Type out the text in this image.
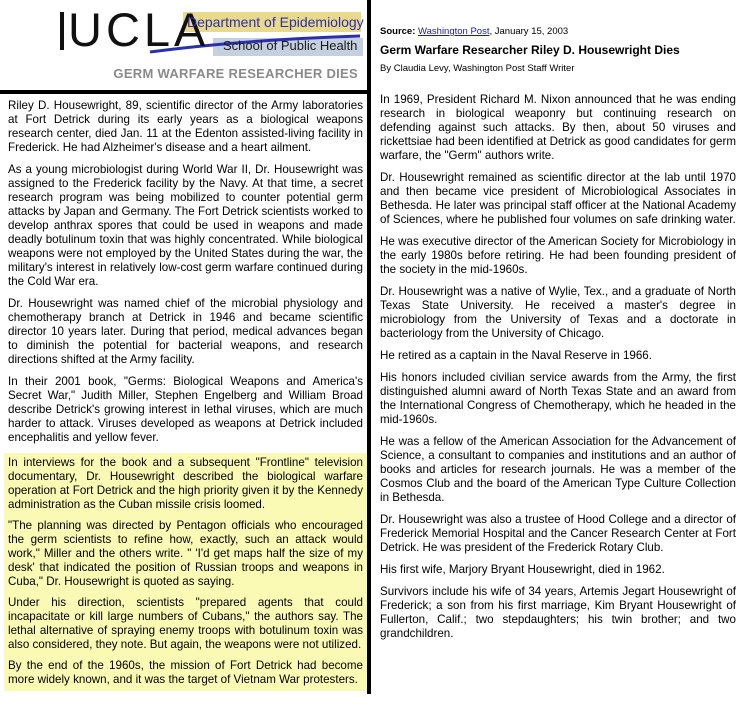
UCLA
Department of Epidemiology
School of Public Health
GERM WARFARE RESEARCHER DIES

Riley D. Housewright, 89, scientific director of the Army laboratories at Fort Detrick during its early years as a biological weapons research center, died Jan. 11 at the Edenton assisted-living facility in Frederick. He had Alzheimer's disease and a heart ailment.

As a young microbiologist during World War II, Dr. Housewright was assigned to the Frederick facility by the Navy. At that time, a secret research program was being mobilized to counter potential germ attacks by Japan and Germany. The Fort Detrick scientists worked to develop anthrax spores that could be used in weapons and made deadly botulinum toxin that was highly concentrated. While biological weapons were not employed by the United States during the war, the military's interest in relatively low-cost germ warfare continued during the Cold War era.

Dr. Housewright was named chief of the microbial physiology and chemotherapy branch at Detrick in 1946 and became scientific director 10 years later. During that period, medical advances began to diminish the potential for bacterial weapons, and research directions shifted at the Army facility.

In their 2001 book, "Germs: Biological Weapons and America's Secret War," Judith Miller, Stephen Engelberg and William Broad describe Detrick's growing interest in lethal viruses, which are much harder to attack. Viruses developed as weapons at Detrick included encephalitis and yellow fever.

In interviews for the book and a subsequent "Frontline" television documentary, Dr. Housewright described the biological warfare operation at Fort Detrick and the high priority given it by the Kennedy administration as the Cuban missile crisis loomed.

"The planning was directed by Pentagon officials who encouraged the germ scientists to refine how, exactly, such an attack would work," Miller and the others write. " 'I'd get maps half the size of my desk' that indicated the position of Russian troops and weapons in Cuba," Dr. Housewright is quoted as saying.

Under his direction, scientists "prepared agents that could incapacitate or kill large numbers of Cubans," the authors say. The lethal alternative of spraying enemy troops with botulinum toxin was also considered, they note. But again, the weapons were not utilized.

By the end of the 1960s, the mission of Fort Detrick had become more widely known, and it was the target of Vietnam War protesters.

Source: Washington Post, January 15, 2003
Germ Warfare Researcher Riley D. Housewright Dies
By Claudia Levy, Washington Post Staff Writer

In 1969, President Richard M. Nixon announced that he was ending research in biological weaponry but continuing research on defending against such attacks. By then, about 50 viruses and rickettsiae had been identified at Detrick as good candidates for germ warfare, the "Germ" authors write.

Dr. Housewright remained as scientific director at the lab until 1970 and then became vice president of Microbiological Associates in Bethesda. He later was principal staff officer at the National Academy of Sciences, where he published four volumes on safe drinking water.

He was executive director of the American Society for Microbiology in the early 1980s before retiring. He had been founding president of the society in the mid-1960s.

Dr. Housewright was a native of Wylie, Tex., and a graduate of North Texas State University. He received a master's degree in microbiology from the University of Texas and a doctorate in bacteriology from the University of Chicago.

He retired as a captain in the Naval Reserve in 1966.

His honors included civilian service awards from the Army, the first distinguished alumni award of North Texas State and an award from the International Congress of Chemotherapy, which he headed in the mid-1960s.

He was a fellow of the American Association for the Advancement of Science, a consultant to companies and institutions and an author of books and articles for research journals. He was a member of the Cosmos Club and the board of the American Type Culture Collection in Bethesda.

Dr. Housewright was also a trustee of Hood College and a director of Frederick Memorial Hospital and the Cancer Research Center at Fort Detrick. He was president of the Frederick Rotary Club.

His first wife, Marjory Bryant Housewright, died in 1962.

Survivors include his wife of 34 years, Artemis Jegart Housewright of Frederick; a son from his first marriage, Kim Bryant Housewright of Fullerton, Calif.; two stepdaughters; his twin brother; and two grandchildren.
